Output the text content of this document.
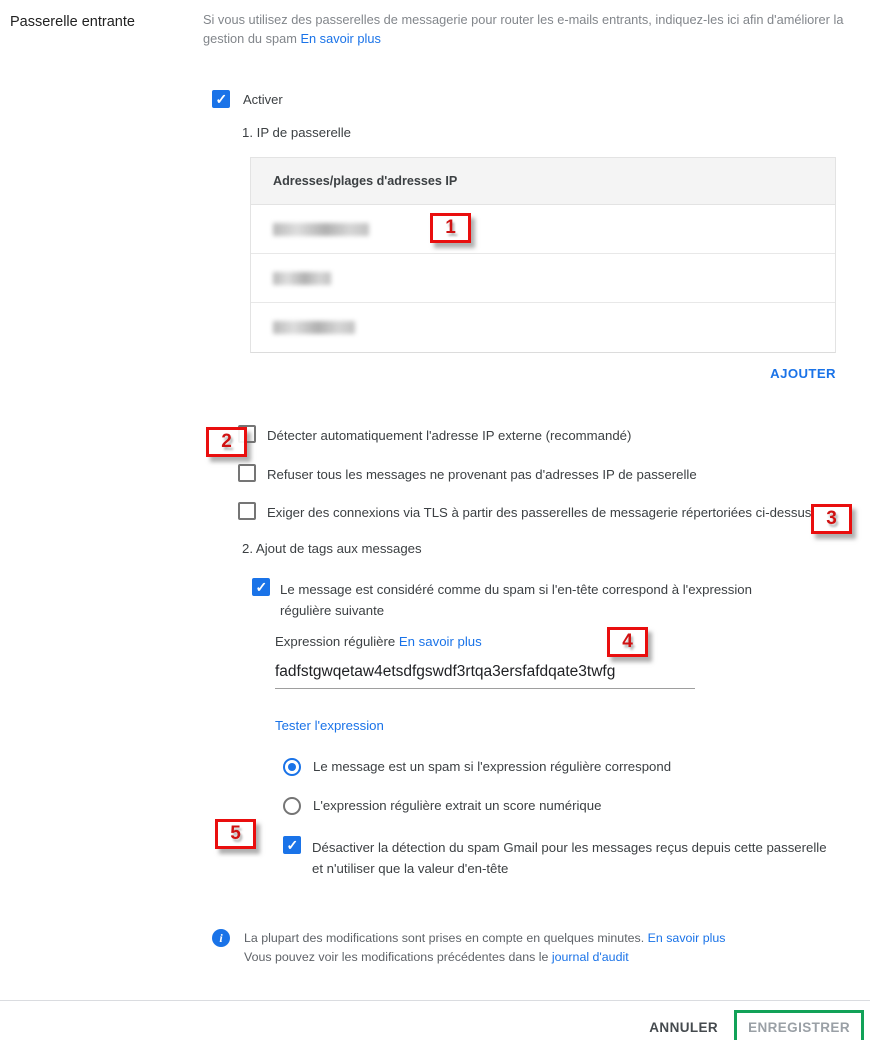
Passerelle entrante	Si vous utilisez des passerelles de messagerie pour router les e-mails entrants, indiquez-les ici afin d'améliorer la gestion du spam En savoir plus
✓
Activer
1. IP de passerelle
Adresses/plages d'adresses IP
AJOUTER
Détecter automatiquement l'adresse IP externe (recommandé)
Refuser tous les messages ne provenant pas d'adresses IP de passerelle
Exiger des connexions via TLS à partir des passerelles de messagerie répertoriées ci-dessus
2. Ajout de tags aux messages
✓
Le message est considéré comme du spam si l'en-tête correspond à l'expression régulière suivante
Expression régulière En savoir plus
fadfstgwqetaw4etsdfgswdf3rtqa3ersfafdqate3twfg
Tester l'expression
Le message est un spam si l'expression régulière correspond
L'expression régulière extrait un score numérique
✓
Désactiver la détection du spam Gmail pour les messages reçus depuis cette passerelle et n'utiliser que la valeur d'en-tête
i	La plupart des modifications sont prises en compte en quelques minutes. En savoir plus
Vous pouvez voir les modifications précédentes dans le journal d'audit
ANNULER	ENREGISTRER
1
2
3
4
5
